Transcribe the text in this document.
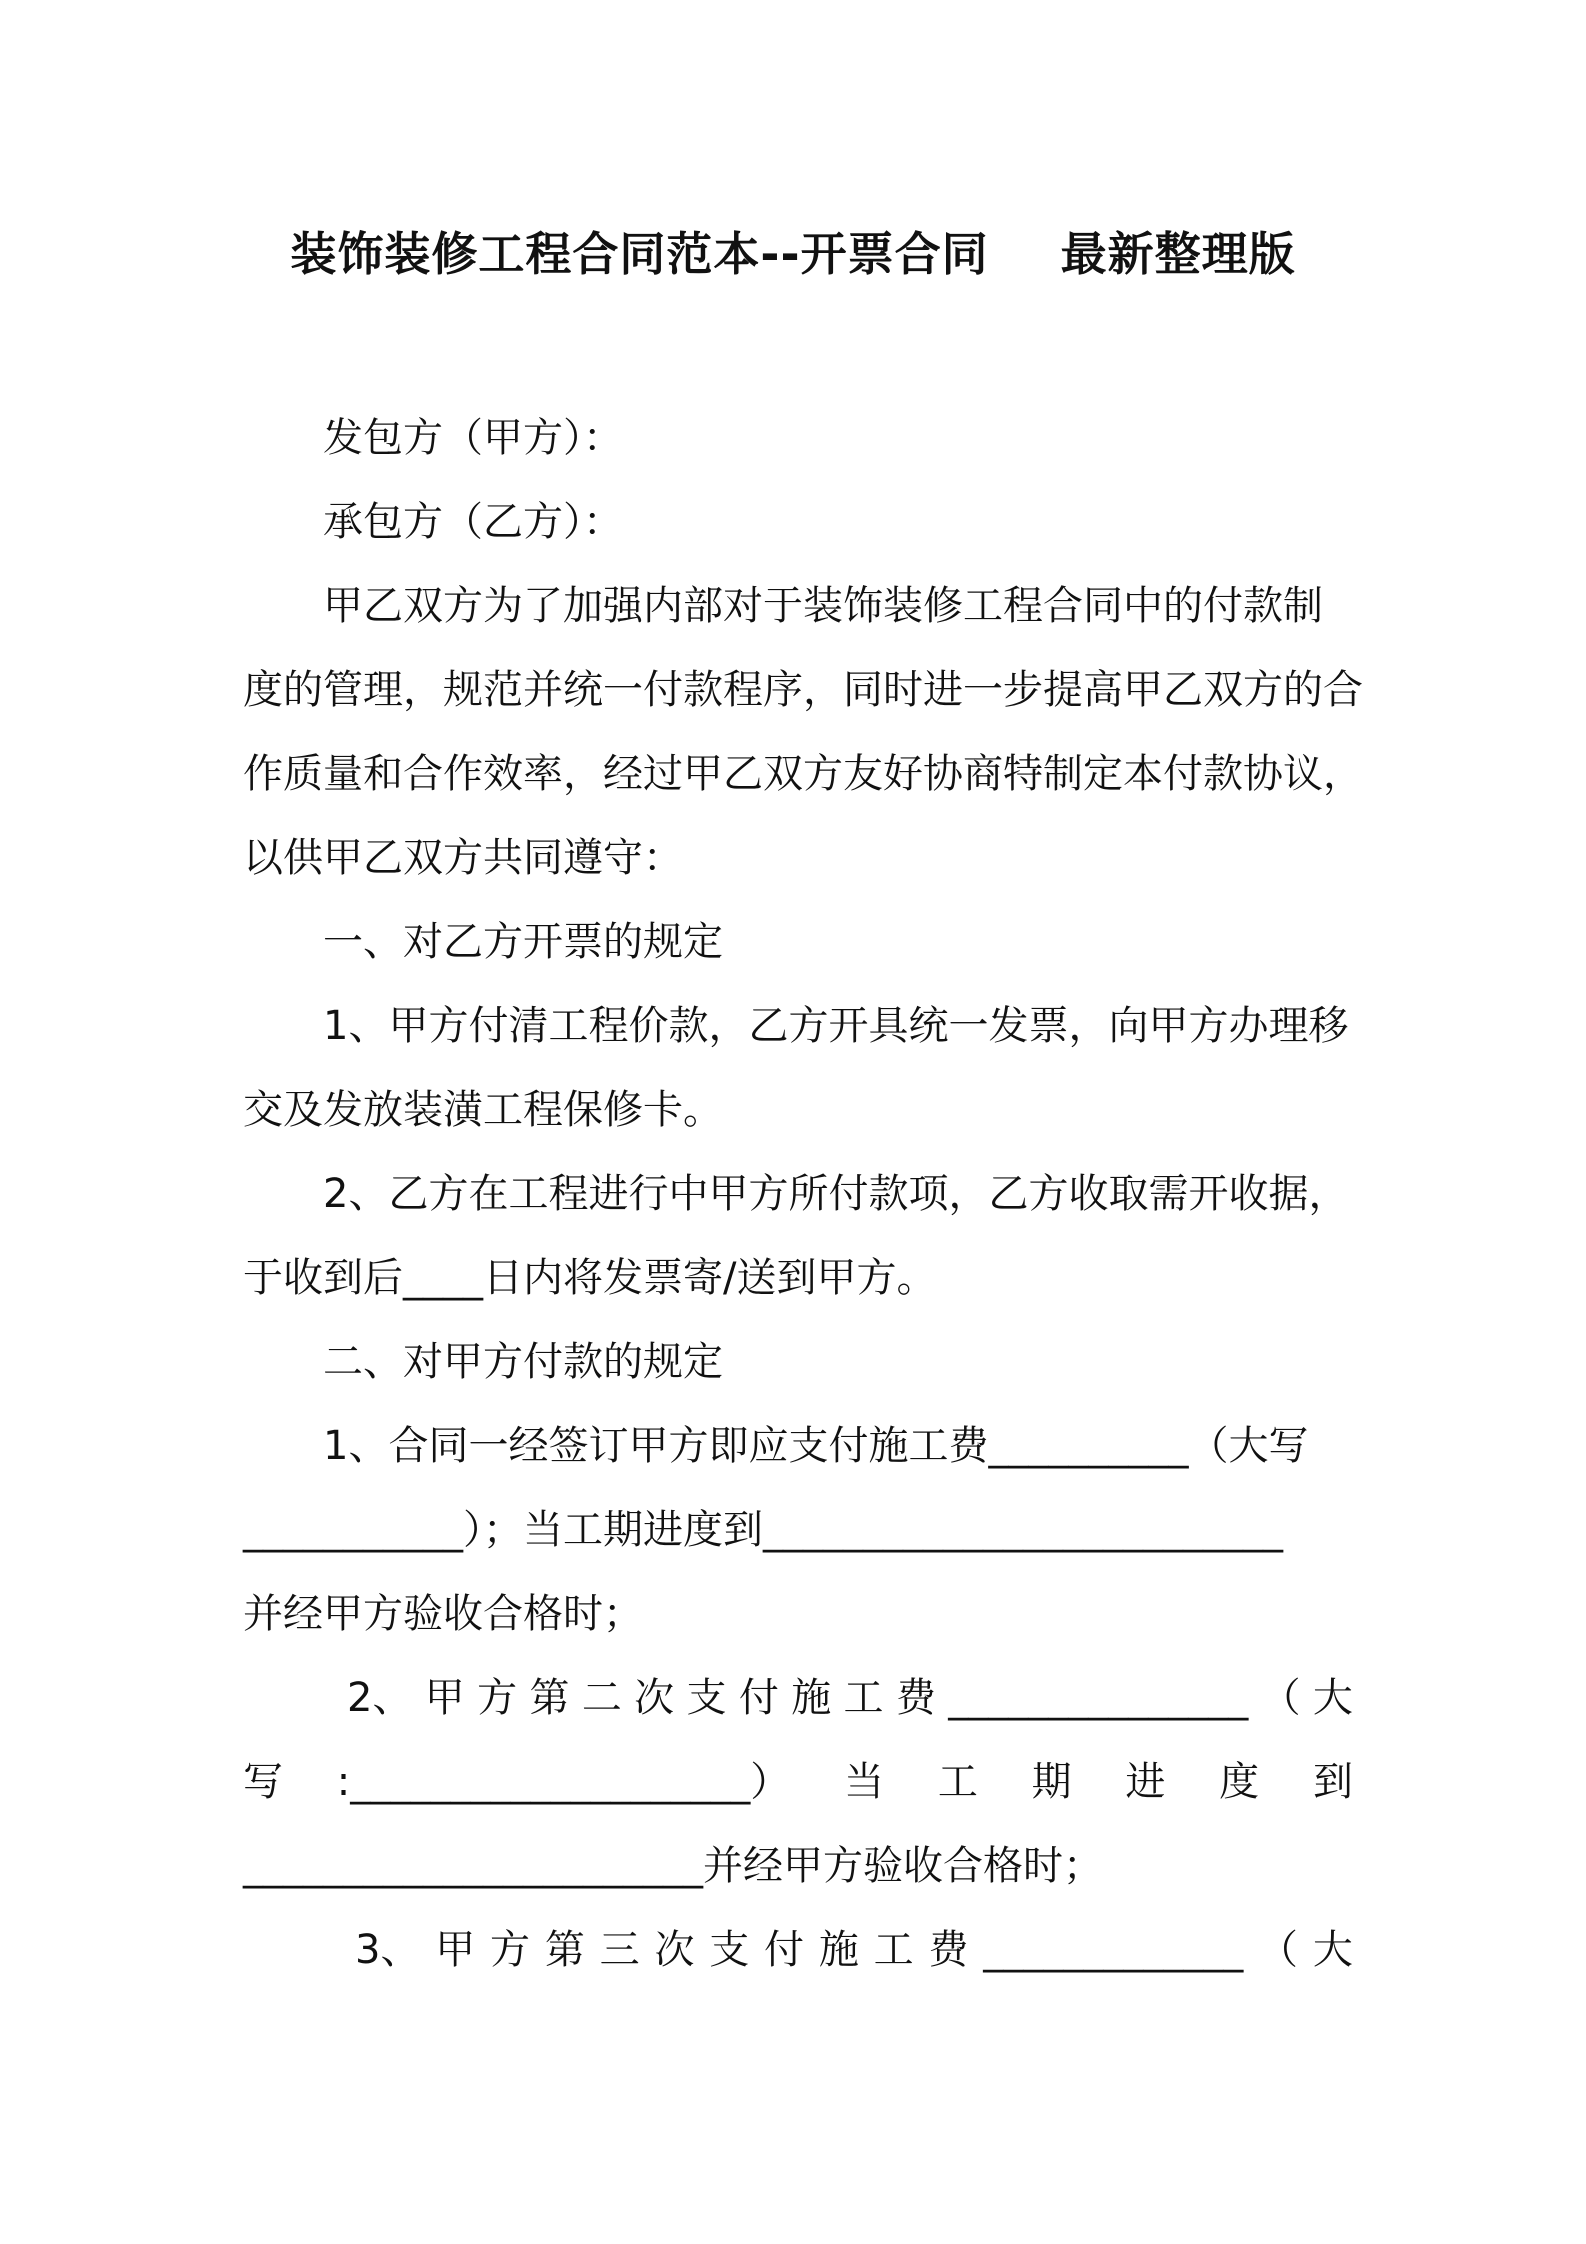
装饰装修工程合同范本--开票合同 最新整理版
发包方（甲方）：
承包方（乙方）：
甲乙双方为了加强内部对于装饰装修工程合同中的付款制
度的管理，规范并统一付款程序，同时进一步提高甲乙双方的合
作质量和合作效率，经过甲乙双方友好协商特制定本付款协议，
以供甲乙双方共同遵守：
一、对乙方开票的规定
1、甲方付清工程价款，乙方开具统一发票，向甲方办理移
交及发放装潢工程保修卡。
2、乙方在工程进行中甲方所付款项，乙方收取需开收据，
于收到后____日内将发票寄/送到甲方。
二、对甲方付款的规定
1、合同一经签订甲方即应支付施工费__________（大写
___________）；当工期进度到__________________________
并经甲方验收合格时；
2、 甲 方 第 二 次 支 付 施 工 费 _______________ （ 大
写 :____________________） 当 工 期 进 度 到
_______________________并经甲方验收合格时；
3、 甲 方 第 三 次 支 付 施 工 费 _____________ （ 大
